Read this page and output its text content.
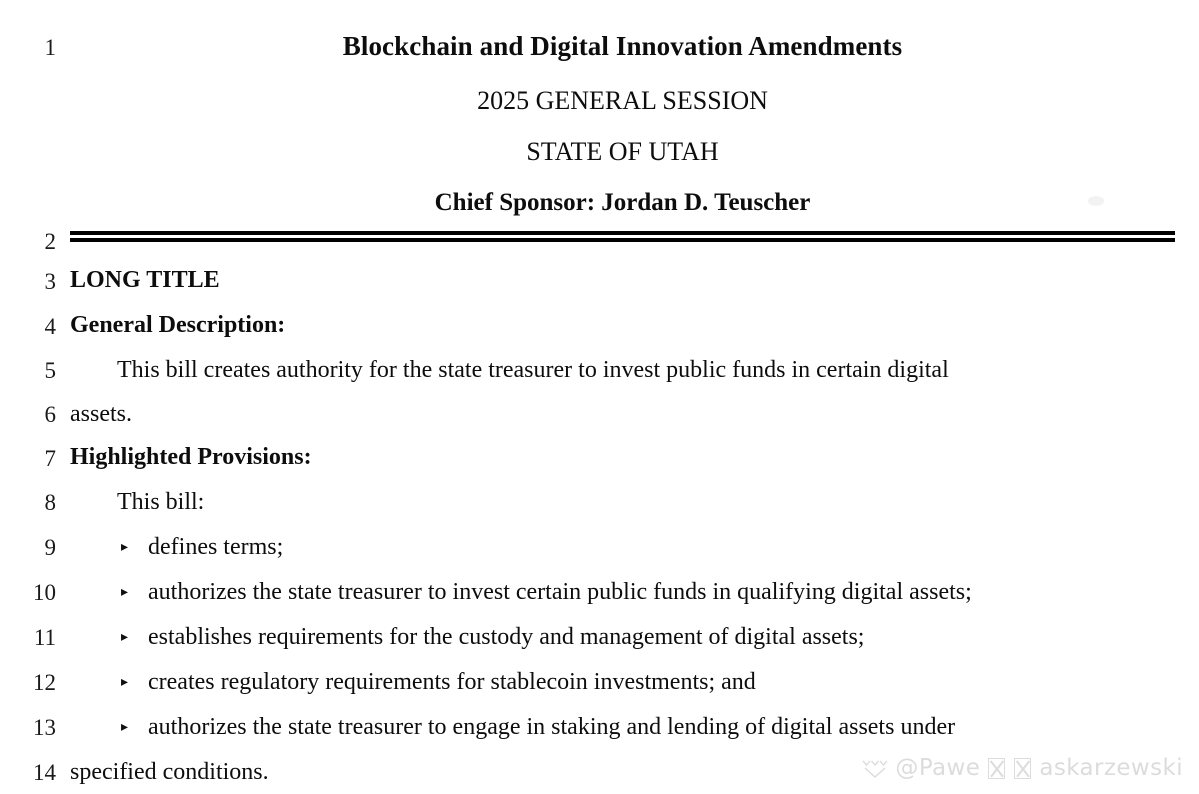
1
2
3
4
5
6
7
8
9
10
11
12
13
14
Blockchain and Digital Innovation Amendments
2025 GENERAL SESSION
STATE OF UTAH
Chief Sponsor: Jordan D. Teuscher
LONG TITLE
General Description:
This bill creates authority for the state treasurer to invest public funds in certain digital
assets.
Highlighted Provisions:
This bill:
▸ defines terms;
▸ authorizes the state treasurer to invest certain public funds in qualifying digital assets;
▸ establishes requirements for the custody and management of digital assets;
▸ creates regulatory requirements for stablecoin investments; and
▸ authorizes the state treasurer to engage in staking and lending of digital assets under
specified conditions.	@Pawe	askarzewski
